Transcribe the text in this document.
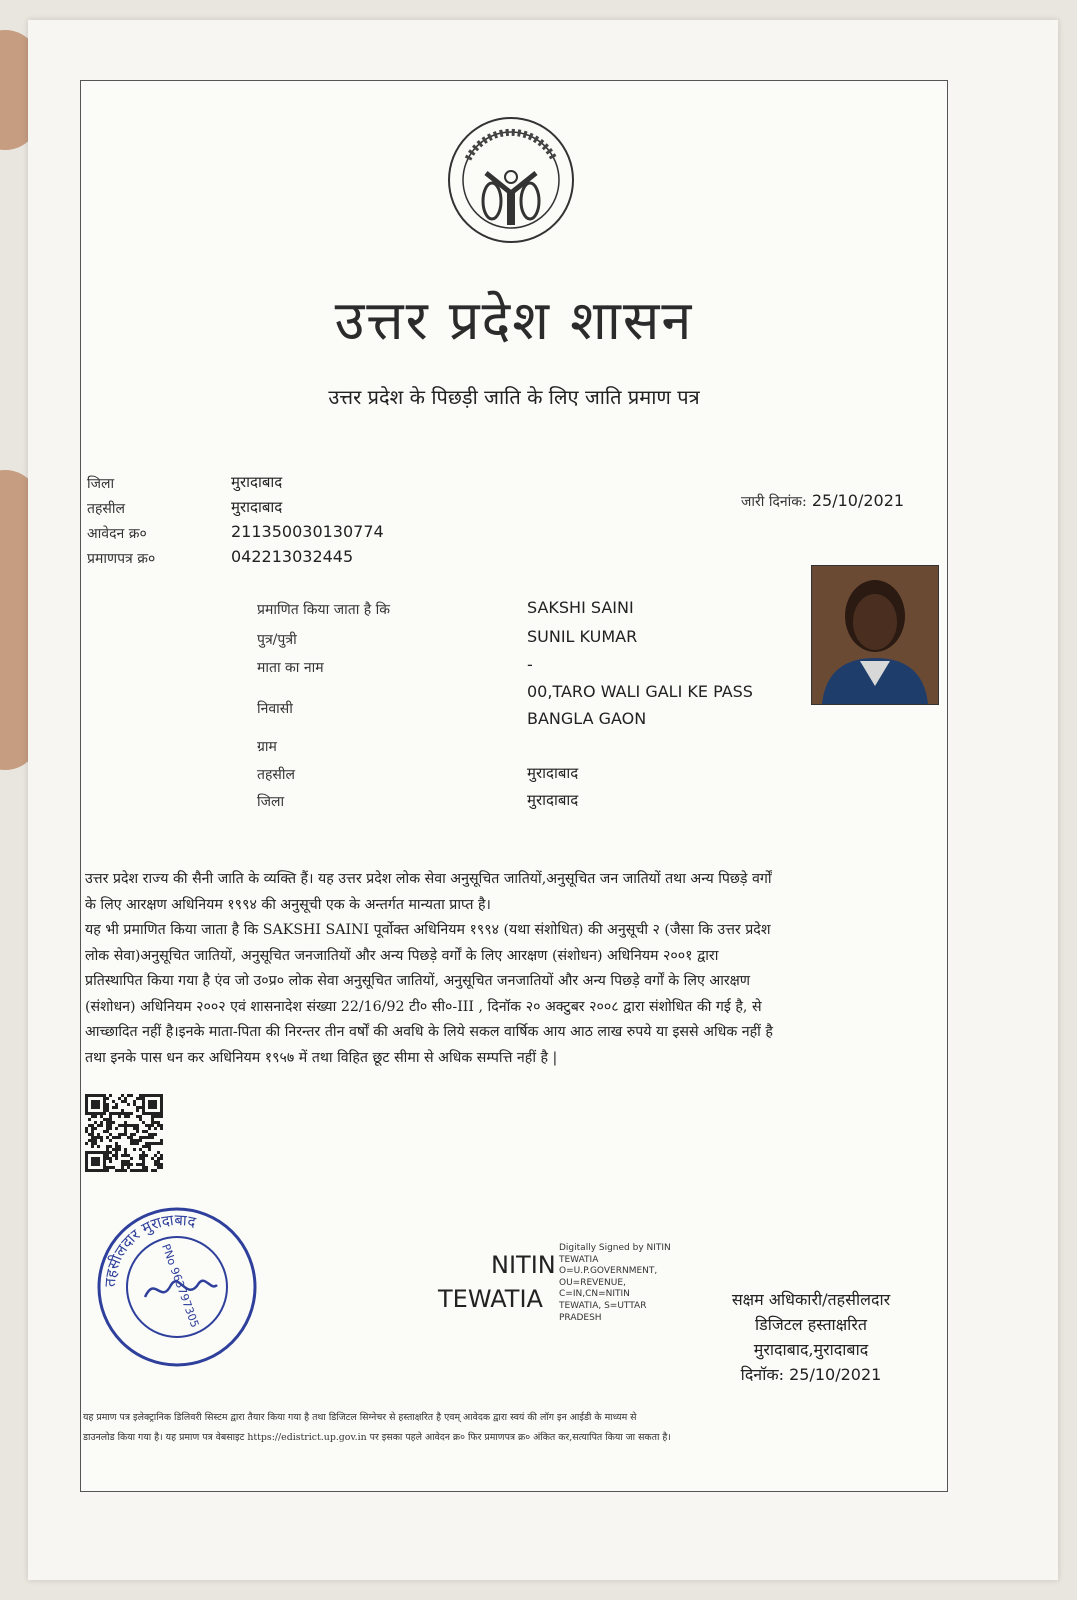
उत्तर प्रदेश शासन
उत्तर प्रदेश के पिछड़ी जाति के लिए जाति प्रमाण पत्र
जिला	मुरादाबाद
तहसील	मुरादाबाद
आवेदन क्र०	211350030130774
प्रमाणपत्र क्र०	042213032445
जारी दिनांक: 25/10/2021
प्रमाणित किया जाता है कि	SAKSHI SAINI
पुत्र/पुत्री	SUNIL KUMAR
माता का नाम	-
निवासी
00,TARO WALI GALI KE PASS
BANGLA GAON
ग्राम
तहसील	मुरादाबाद
जिला	मुरादाबाद

उत्तर प्रदेश राज्य की सैनी जाति के व्यक्ति हैं। यह उत्तर प्रदेश लोक सेवा अनुसूचित जातियों,अनुसूचित जन जातियों तथा अन्य पिछड़े वर्गों

के लिए आरक्षण अधिनियम १९९४ की अनुसूची एक के अन्तर्गत मान्यता प्राप्त है।

यह भी प्रमाणित किया जाता है कि SAKSHI SAINI पूर्वोक्त अधिनियम १९९४ (यथा संशोधित) की अनुसूची २ (जैसा कि उत्तर प्रदेश

लोक सेवा)अनुसूचित जातियों, अनुसूचित जनजातियों और अन्य पिछड़े वर्गों के लिए आरक्षण (संशोधन) अधिनियम २००१ द्वारा

प्रतिस्थापित किया गया है एंव जो उ०प्र० लोक सेवा अनुसूचित जातियों, अनुसूचित जनजातियों और अन्य पिछड़े वर्गों के लिए आरक्षण

(संशोधन) अधिनियम २००२ एवं शासनादेश संख्या 22/16/92 टी० सी०-III , दिनॉक २० अक्टुबर २००८ द्वारा संशोधित की गई है, से

आच्छादित नहीं है।इनके माता-पिता की निरन्तर तीन वर्षों की अवधि के लिये सकल वार्षिक आय आठ लाख रुपये या इससे अधिक नहीं है

तथा इनके पास धन कर अधिनियम १९५७ में तथा विहित छूट सीमा से अधिक सम्पत्ति नहीं है |

तहसीलदार मुरादाबाद
PNo 963797305	NITIN
TEWATIA
Digitally Signed by NITIN
TEWATIA
O=U.P.GOVERNMENT,
OU=REVENUE,
C=IN,CN=NITIN
TEWATIA, S=UTTAR
PRADESH
सक्षम अधिकारी/तहसीलदार
डिजिटल हस्ताक्षरित
मुरादाबाद,मुरादाबाद
दिनॉक: 25/10/2021
यह प्रमाण पत्र इलेक्ट्रानिक डिलिवरी सिस्टम द्वारा तैयार किया गया है तथा डिजिटल सिग्नेचर से हस्ताक्षरित है एवम् आवेदक द्वारा स्वयं की लॉग इन आईडी के माध्यम से
डाउनलोड किया गया है। यह प्रमाण पत्र वेबसाइट https://edistrict.up.gov.in पर इसका पहले आवेदन क्र० फिर प्रमाणपत्र क्र० अंकित कर,सत्यापित किया जा सकता है।
